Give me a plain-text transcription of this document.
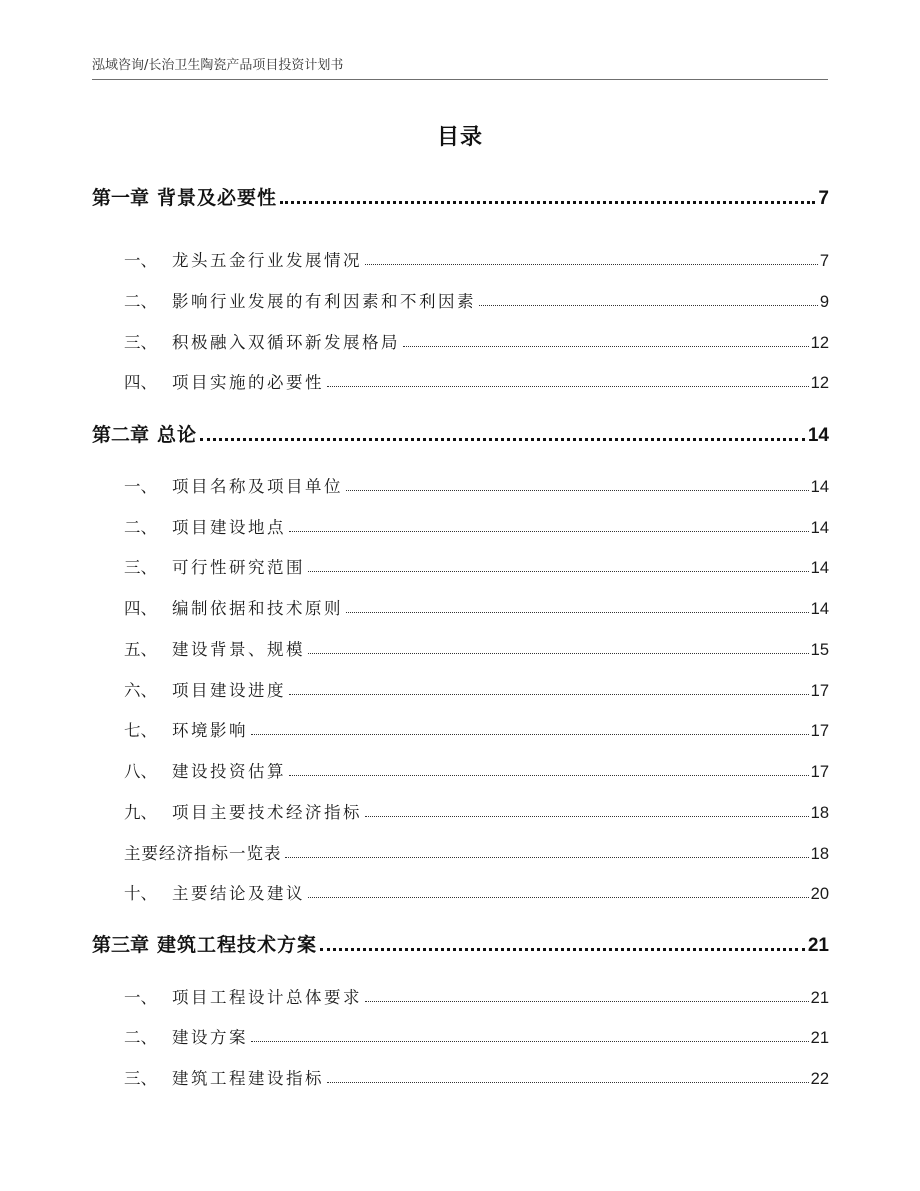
泓域咨询/长治卫生陶瓷产品项目投资计划书
目录
第一章 背景及必要性	7
一、 龙头五金行业发展情况	7
二、 影响行业发展的有利因素和不利因素	9
三、 积极融入双循环新发展格局	12
四、 项目实施的必要性	12
第二章 总论	14
一、 项目名称及项目单位	14
二、 项目建设地点	14
三、 可行性研究范围	14
四、 编制依据和技术原则	14
五、 建设背景、规模	15
六、 项目建设进度	17
七、 环境影响	17
八、 建设投资估算	17
九、 项目主要技术经济指标	18
主要经济指标一览表	18
十、 主要结论及建议	20
第三章 建筑工程技术方案	21
一、 项目工程设计总体要求	21
二、 建设方案	21
三、 建筑工程建设指标	22
